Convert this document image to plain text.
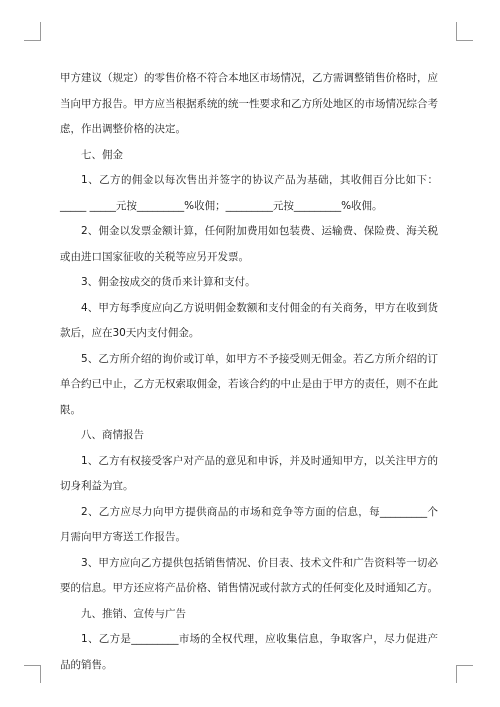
甲方建议（规定）的零售价格不符合本地区市场情况，乙方需调整销售价格时，应当向甲方报告。甲方应当根据系统的统一性要求和乙方所处地区的市场情况综合考虑，作出调整价格的决定。

七、佣金

1、乙方的佣金以每次售出并签字的协议产品为基础，其收佣百分比如下：_____ _____元按_________%收佣；_________元按_________%收佣。

2、佣金以发票金额计算，任何附加费用如包装费、运输费、保险费、海关税或由进口国家征收的关税等应另开发票。

3、佣金按成交的货币来计算和支付。

4、甲方每季度应向乙方说明佣金数额和支付佣金的有关商务，甲方在收到货款后，应在30天内支付佣金。

5、乙方所介绍的询价或订单，如甲方不予接受则无佣金。若乙方所介绍的订单合约已中止，乙方无权索取佣金，若该合约的中止是由于甲方的责任，则不在此限。

八、商情报告

1、乙方有权接受客户对产品的意见和申诉，并及时通知甲方，以关注甲方的切身利益为宜。

2、乙方应尽力向甲方提供商品的市场和竞争等方面的信息，每_________个月需向甲方寄送工作报告。

3、甲方应向乙方提供包括销售情况、价目表、技术文件和广告资料等一切必要的信息。甲方还应将产品价格、销售情况或付款方式的任何变化及时通知乙方。

九、推销、宣传与广告

1、乙方是_________市场的全权代理，应收集信息，争取客户，尽力促进产品的销售。
